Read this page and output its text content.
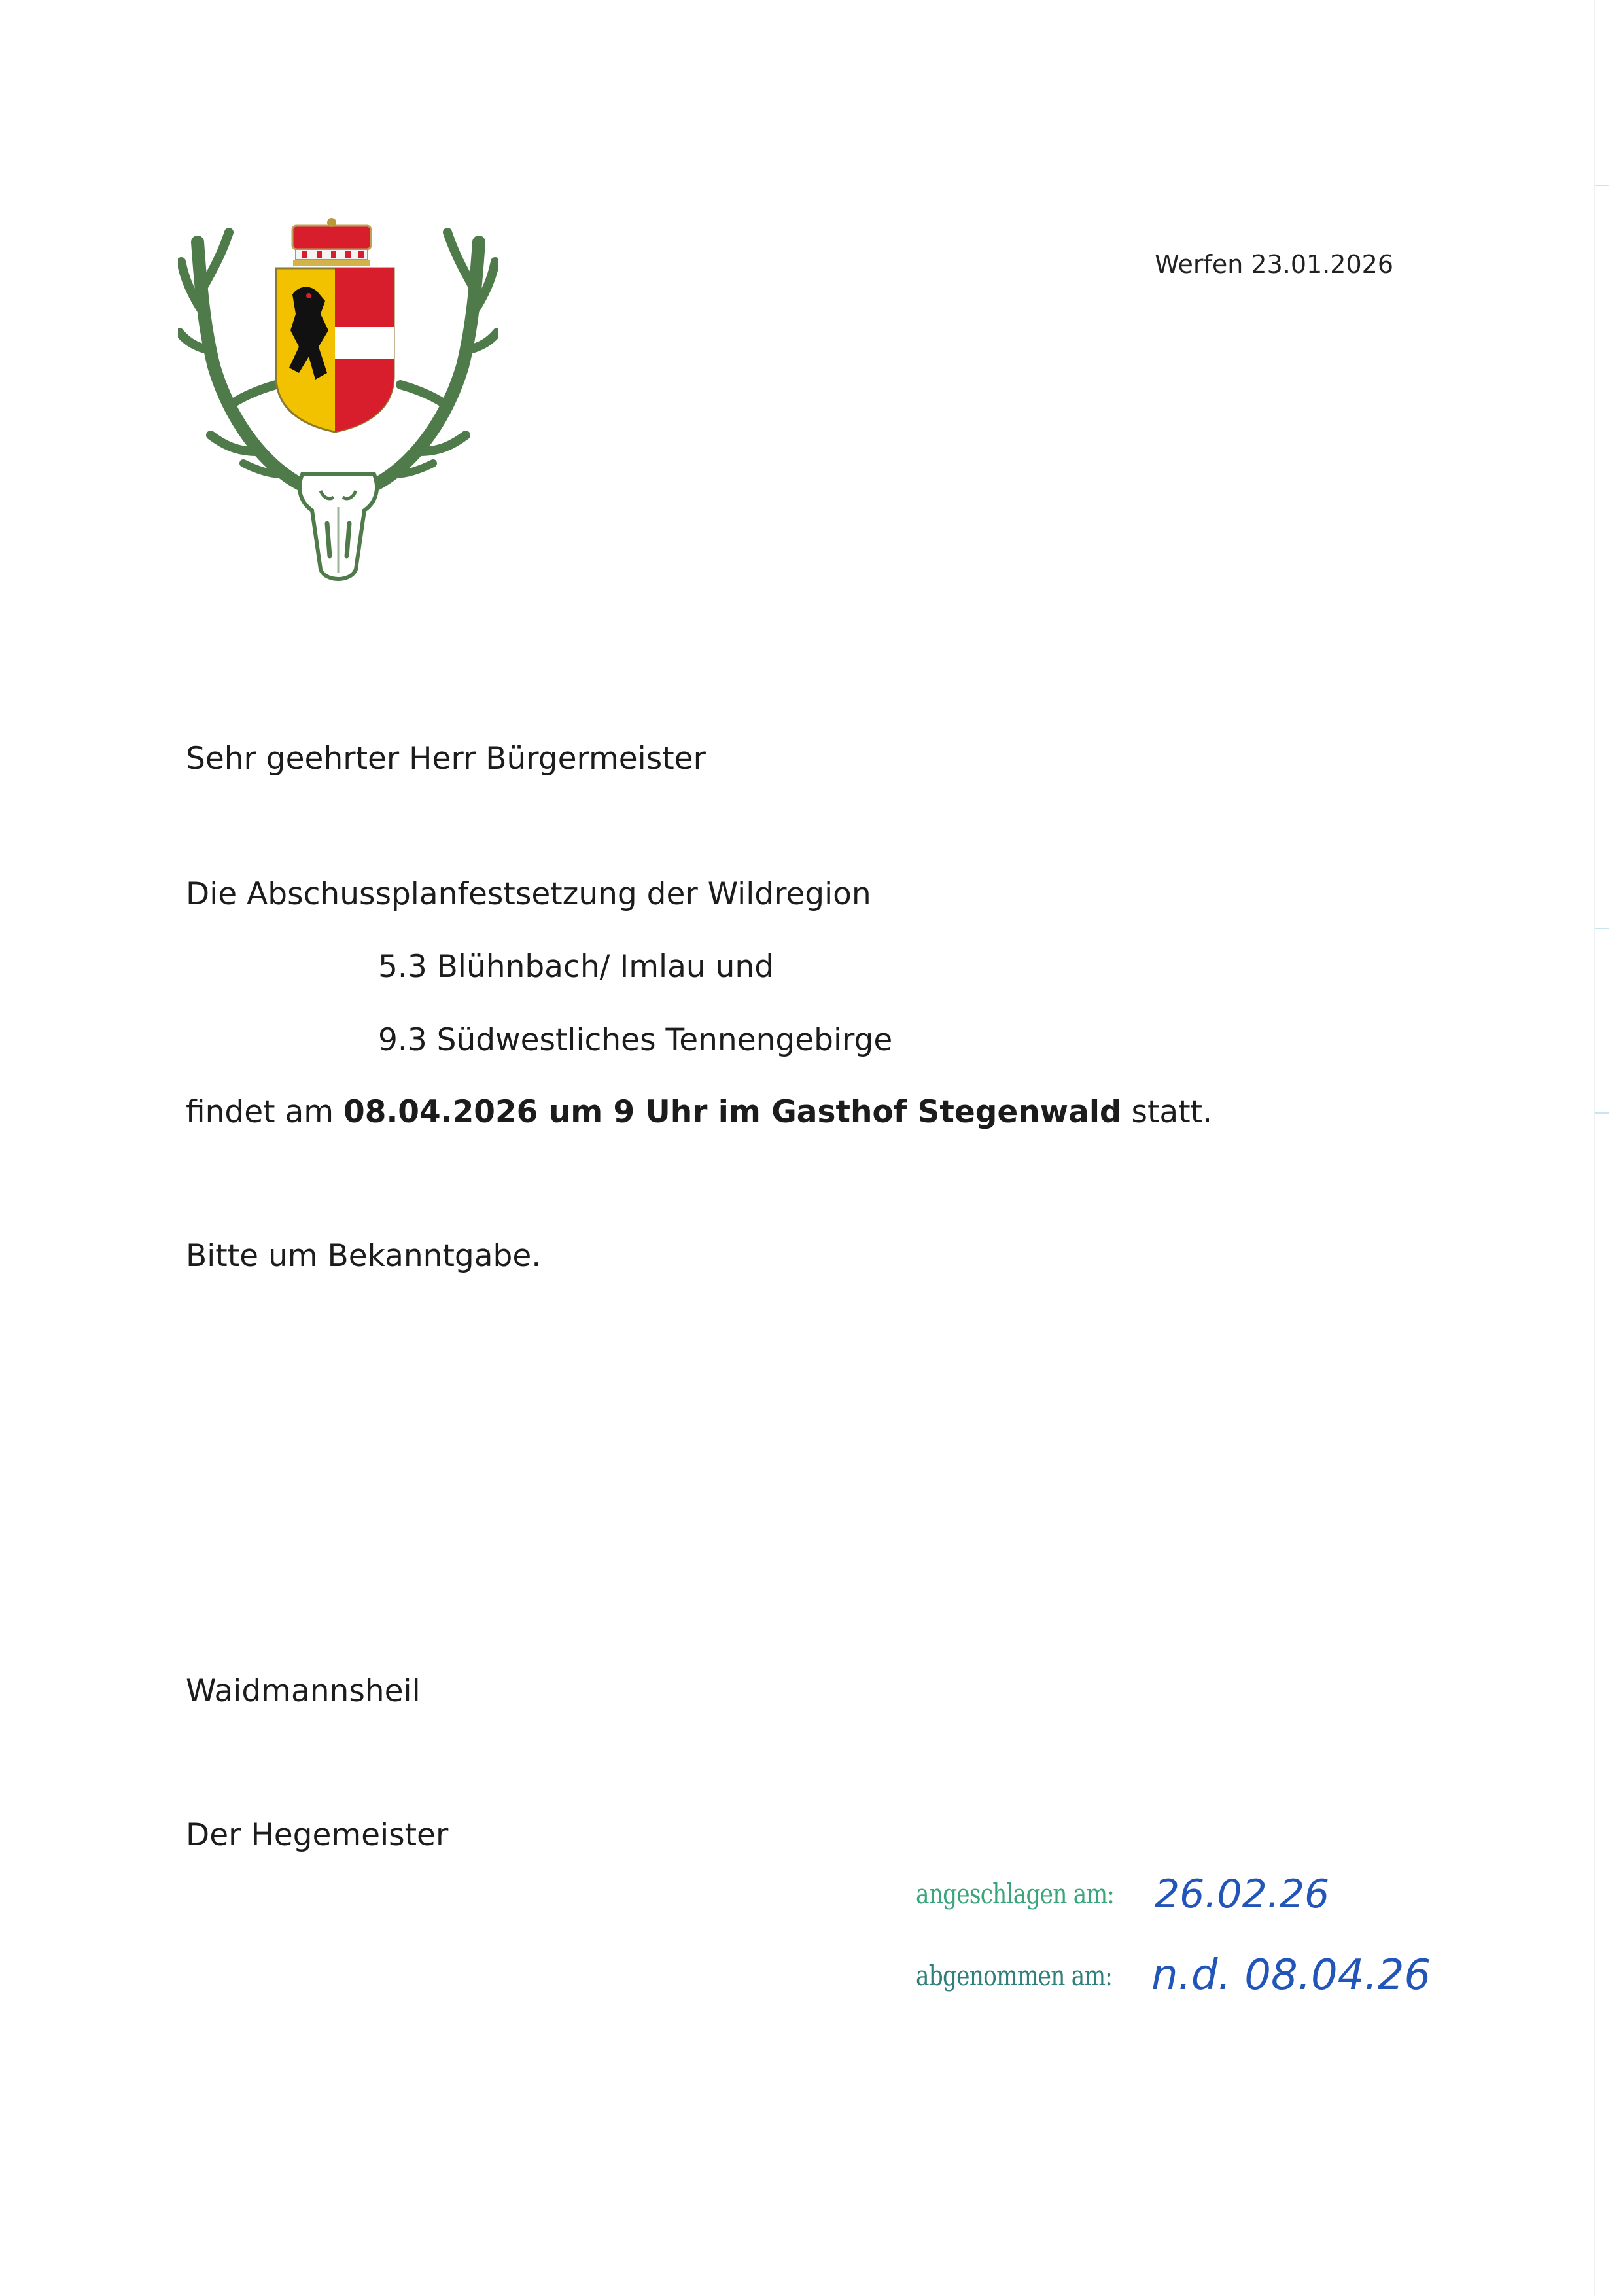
Werfen 23.01.2026
Sehr geehrter Herr Bürgermeister
Die Abschussplanfestsetzung der Wildregion
5.3 Blühnbach/ Imlau und
9.3 Südwestliches Tennengebirge
findet am 08.04.2026 um 9 Uhr im Gasthof Stegenwald statt.
Bitte um Bekanntgabe.
Waidmannsheil
Der Hegemeister
angeschlagen am:	26.02.26
abgenommen am: n.d. 08.04.26
